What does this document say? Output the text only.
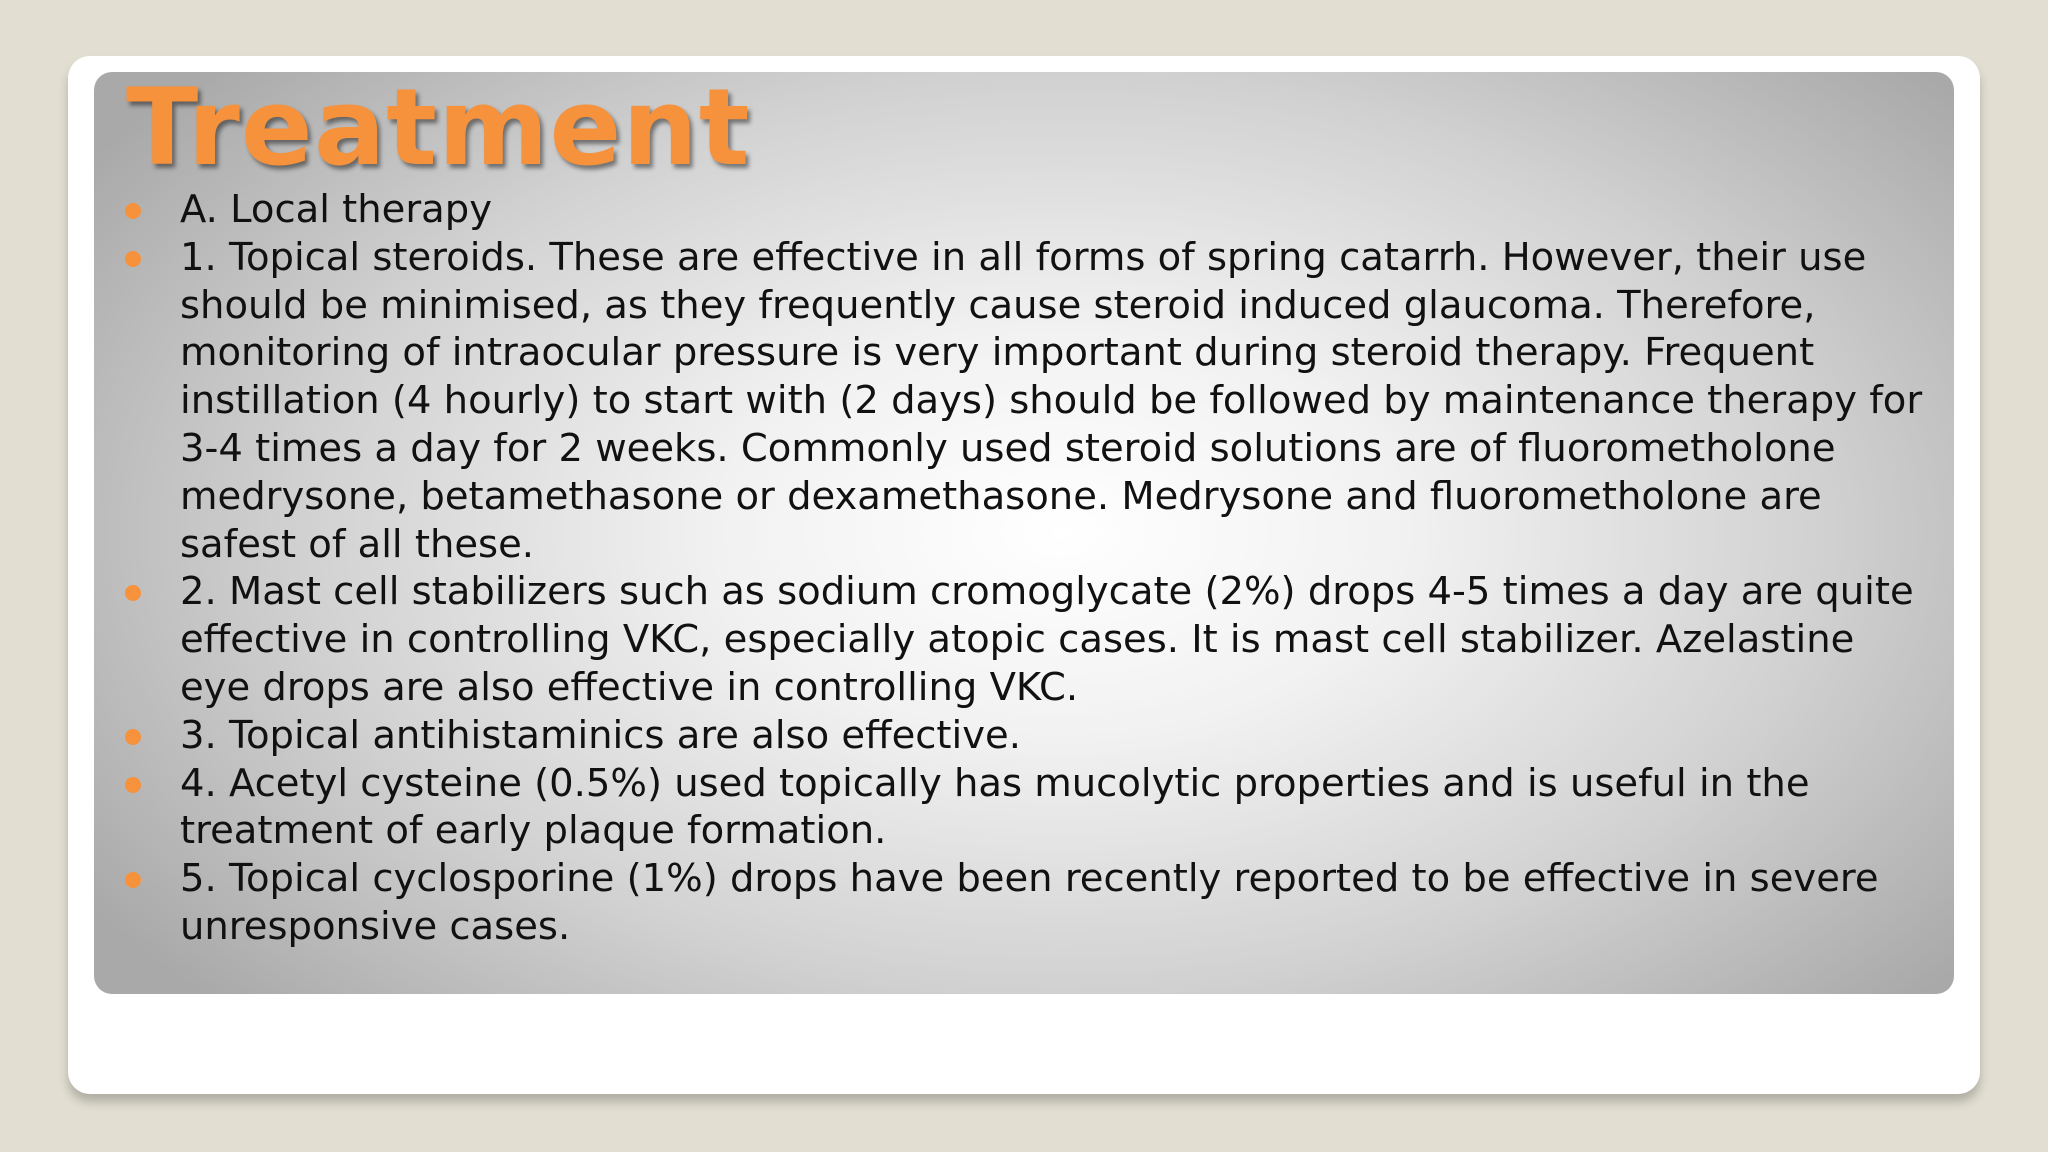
Treatment
A. Local therapy
1. Topical steroids. These are effective in all forms of spring catarrh. However, their use should be minimised, as they frequently cause steroid induced glaucoma. Therefore, monitoring of intraocular pressure is very important during steroid therapy. Frequent instillation (4 hourly) to start with (2 days) should be followed by maintenance therapy for 3-4 times a day for 2 weeks. Commonly used steroid solutions are of fluorometholone medrysone, betamethasone or dexamethasone. Medrysone and fluorometholone are safest of all these.
2. Mast cell stabilizers such as sodium cromoglycate (2%) drops 4-5 times a day are quite effective in controlling VKC, especially atopic cases. It is mast cell stabilizer. Azelastine eye drops are also effective in controlling VKC.
3. Topical antihistaminics are also effective.
4. Acetyl cysteine (0.5%) used topically has mucolytic properties and is useful in the treatment of early plaque formation.
5. Topical cyclosporine (1%) drops have been recently reported to be effective in severe unresponsive cases.
